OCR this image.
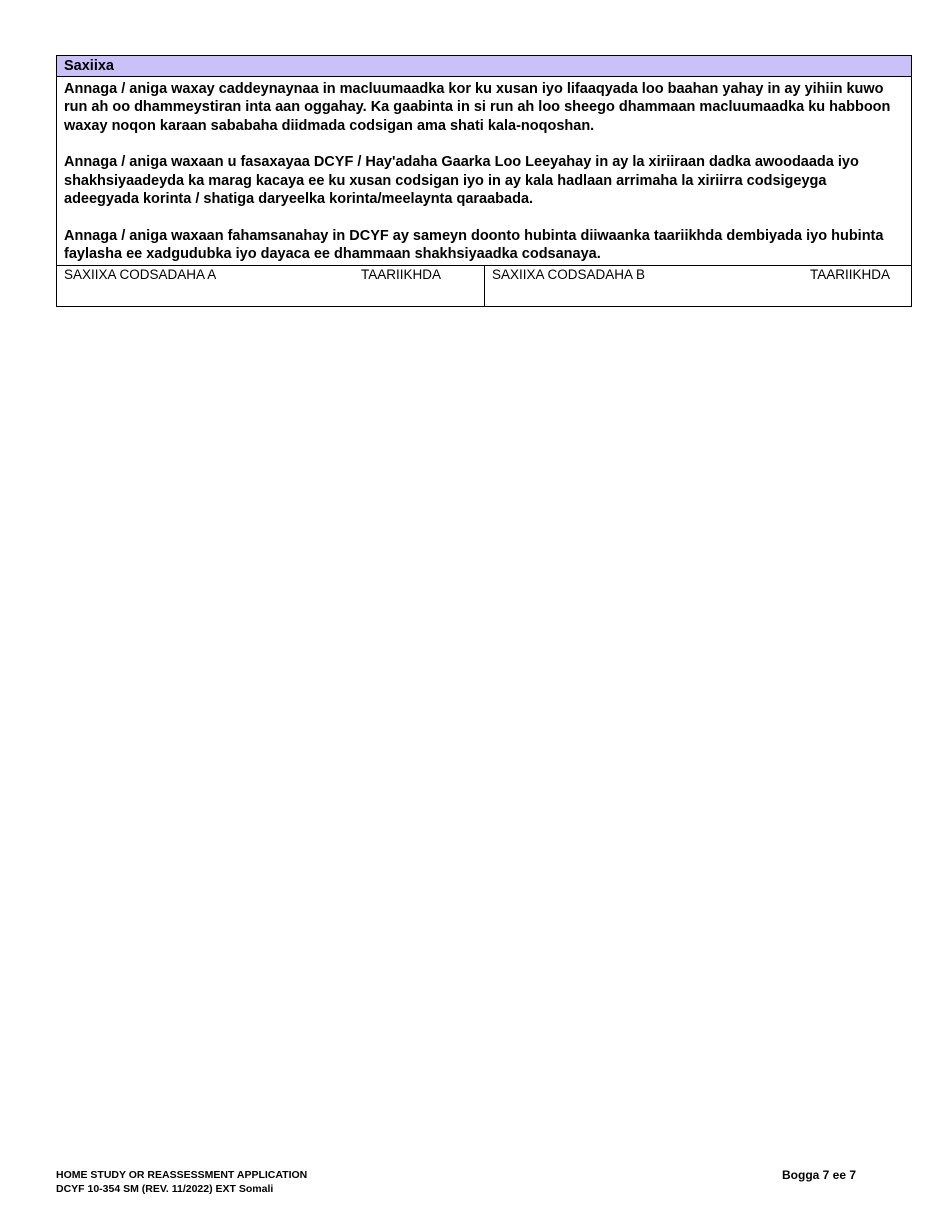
Saxiixa

Annaga / aniga waxay caddeynaynaa in macluumaadka kor ku xusan iyo lifaaqyada loo baahan yahay in ay yihiin kuwo run ah oo dhammeystiran inta aan oggahay. Ka gaabinta in si run ah loo sheego dhammaan macluumaadka ku habboon waxay noqon karaan sababaha diidmada codsigan ama shati kala-noqoshan.

Annaga / aniga waxaan u fasaxayaa DCYF / Hay'adaha Gaarka Loo Leeyahay in ay la xiriiraan dadka awoodaada iyo shakhsiyaadeyda ka marag kacaya ee ku xusan codsigan iyo in ay kala hadlaan arrimaha la xiriirra codsigeyga adeegyada korinta / shatiga daryeelka korinta/meelaynta qaraabada.

Annaga / aniga waxaan fahamsanahay in DCYF ay sameyn doonto hubinta diiwaanka taariikhda dembiyada iyo hubinta faylasha ee xadgudubka iyo dayaca ee dhammaan shakhsiyaadka codsanaya.

SAXIIXA CODSADAHA A	TAARIIKHDA	SAXIIXA CODSADAHA B	TAARIIKHDA
HOME STUDY OR REASSESSMENT APPLICATION
DCYF 10-354 SM (REV. 11/2022) EXT Somali
Bogga 7 ee 7
